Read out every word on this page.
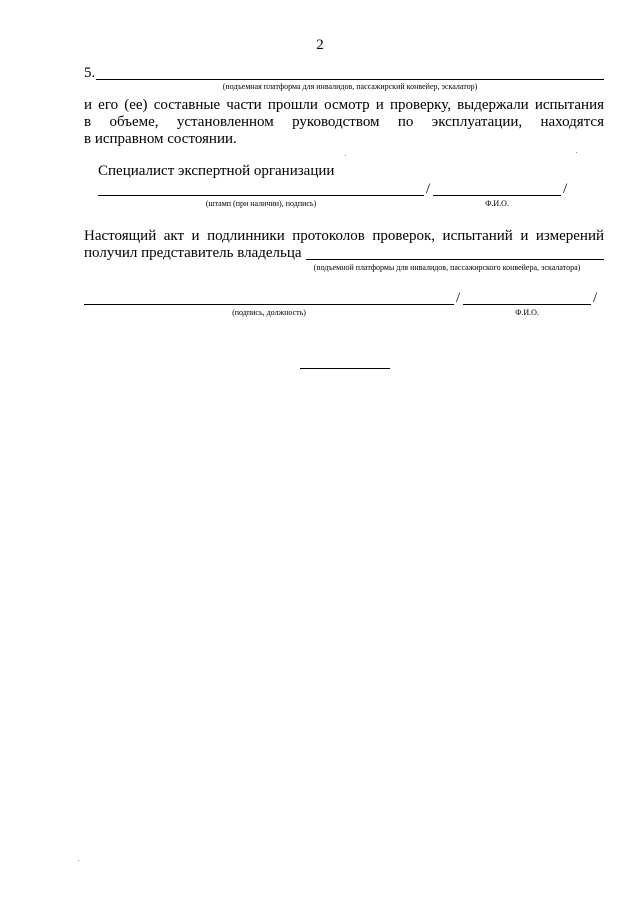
2
5.
(подъемная платформа для инвалидов, пассажирский конвейер, эскалатор)
и его (ее) составные части прошли осмотр и проверку, выдержали испытания
в объеме, установленном руководством по эксплуатации, находятся
в исправном состоянии.
Специалист экспертной организации
/	/
(штамп (при наличии), подпись)	Ф.И.О.
Настоящий акт и подлинники протоколов проверок, испытаний и измерений
получил представитель владельца
(подъемной платформы для инвалидов, пассажирского конвейера, эскалатора)
/	/
(подпись, должность)	Ф.И.О.
